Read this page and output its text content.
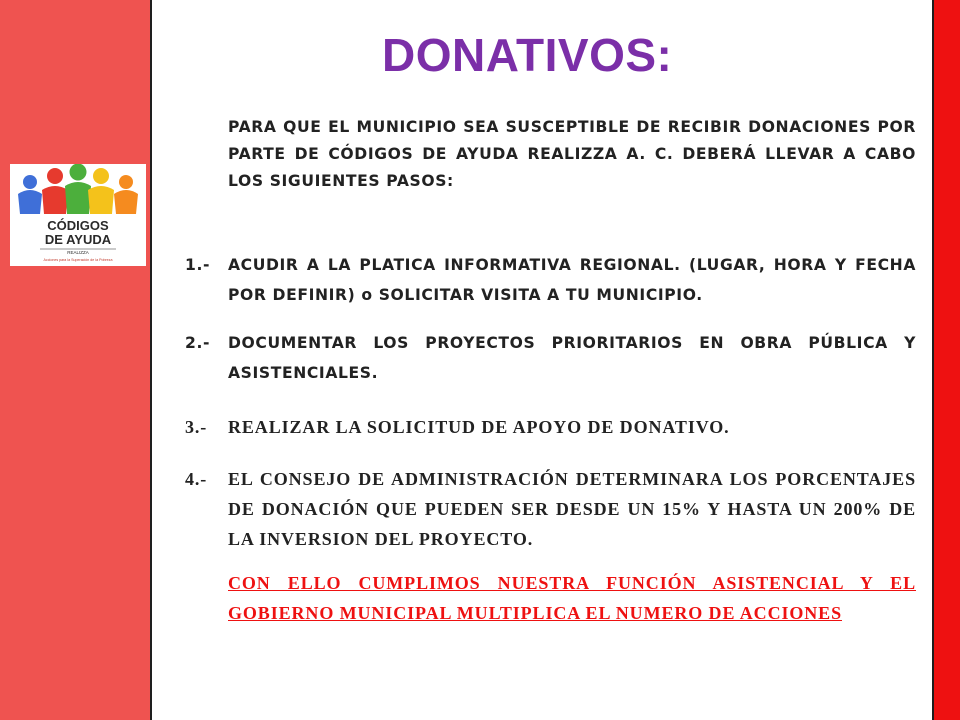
CÓDIGOS
DE AYUDA
REALIZZA
Acciones para la Superación de la Pobreza
DONATIVOS:

PARA QUE EL MUNICIPIO SEA SUSCEPTIBLE DE RECIBIR DONACIONES POR PARTE DE CÓDIGOS DE AYUDA REALIZZA A. C. DEBERÁ LLEVAR A CABO LOS SIGUIENTES PASOS:

1.- ACUDIR A LA PLATICA INFORMATIVA REGIONAL. (LUGAR, HORA Y FECHA POR DEFINIR) o SOLICITAR VISITA A TU MUNICIPIO.
2.- DOCUMENTAR LOS PROYECTOS PRIORITARIOS EN OBRA PÚBLICA Y ASISTENCIALES.
3.- REALIZAR LA SOLICITUD DE APOYO DE DONATIVO.
4.- EL CONSEJO DE ADMINISTRACIÓN DETERMINARA LOS PORCENTAJES DE DONACIÓN QUE PUEDEN SER DESDE UN 15% Y HASTA UN 200% DE LA INVERSION DEL PROYECTO.

CON ELLO CUMPLIMOS NUESTRA FUNCIÓN ASISTENCIAL Y EL GOBIERNO MUNICIPAL MULTIPLICA EL NUMERO DE ACCIONES
